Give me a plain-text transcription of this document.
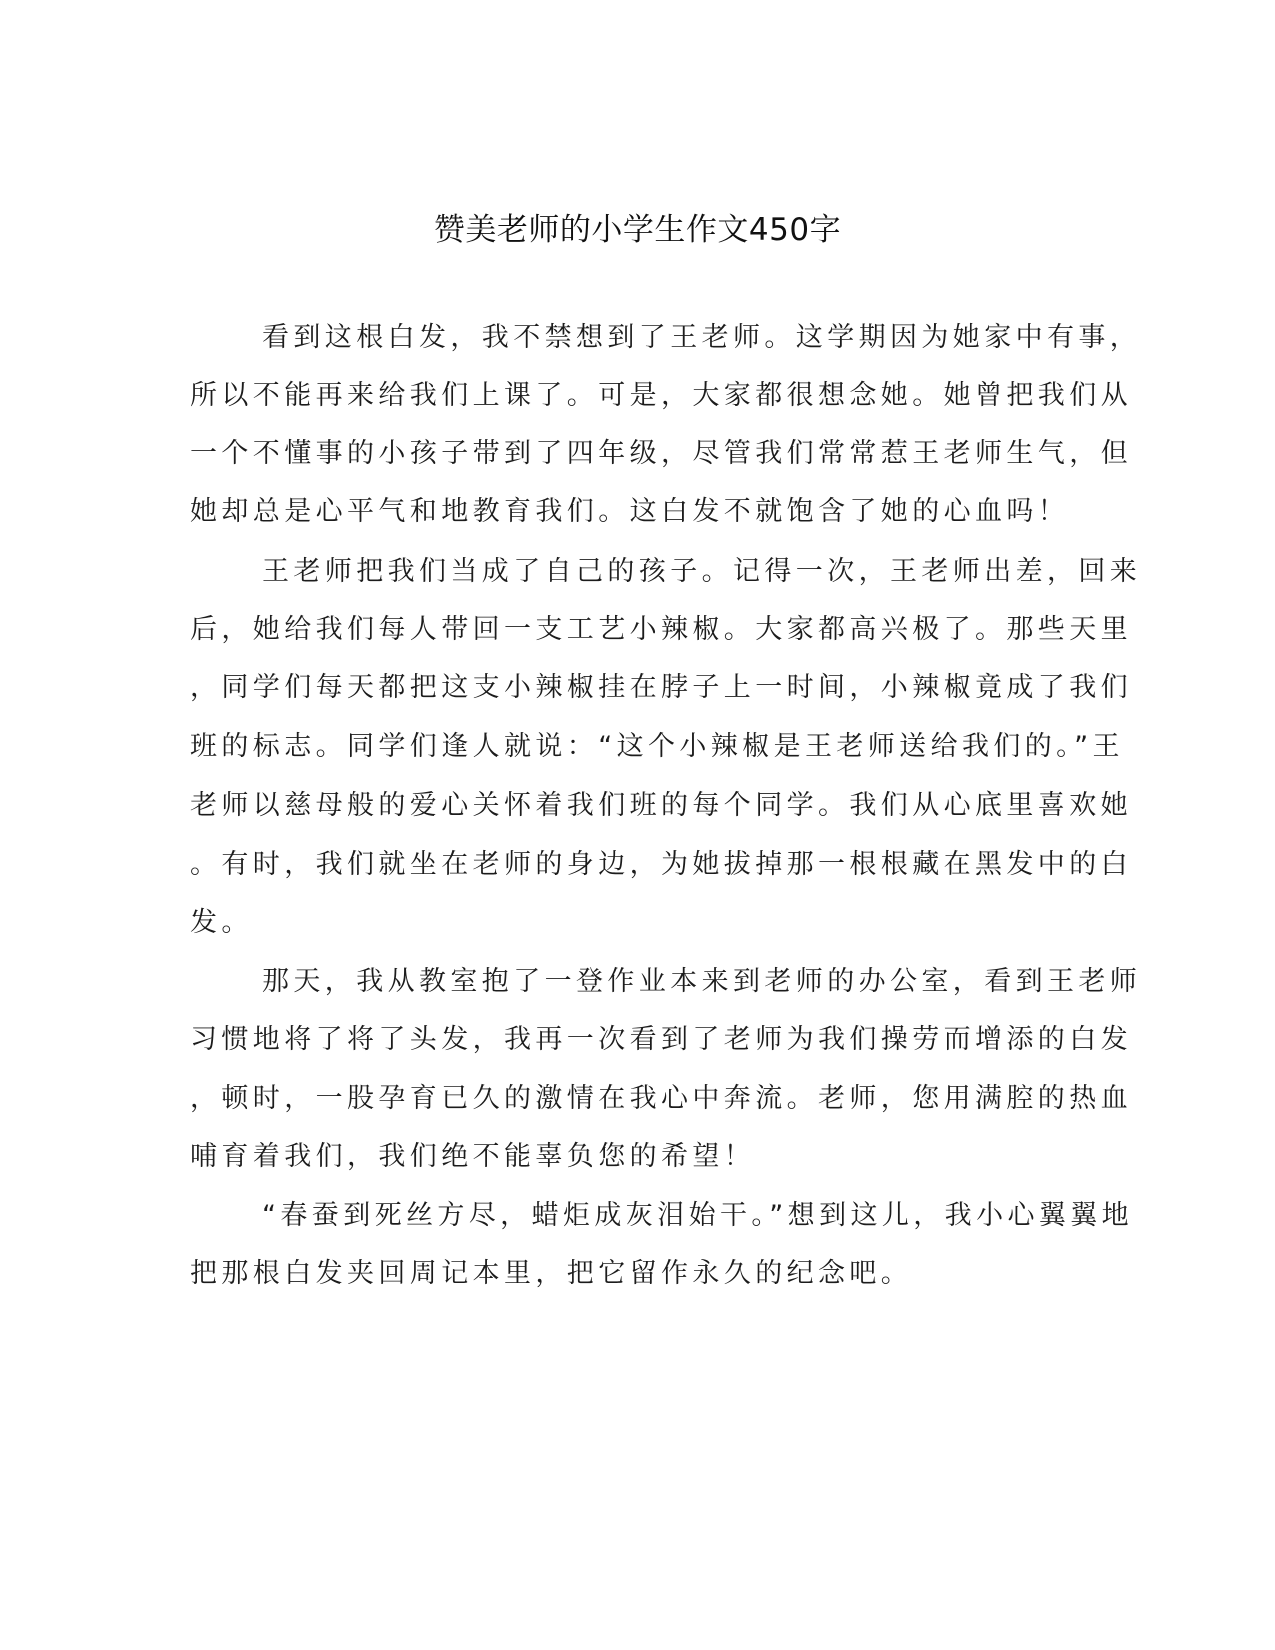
赞美老师的小学生作文450字
看到这根白发，我不禁想到了王老师。这学期因为她家中有事，
所以不能再来给我们上课了。可是，大家都很想念她。她曾把我们从
一个不懂事的小孩子带到了四年级，尽管我们常常惹王老师生气，但
她却总是心平气和地教育我们。这白发不就饱含了她的心血吗！
王老师把我们当成了自己的孩子。记得一次，王老师出差，回来
后，她给我们每人带回一支工艺小辣椒。大家都高兴极了。那些天里
，同学们每天都把这支小辣椒挂在脖子上一时间，小辣椒竟成了我们
班的标志。同学们逢人就说：“这个小辣椒是王老师送给我们的。”王
老师以慈母般的爱心关怀着我们班的每个同学。我们从心底里喜欢她
。有时，我们就坐在老师的身边，为她拔掉那一根根藏在黑发中的白
发。
那天，我从教室抱了一登作业本来到老师的办公室，看到王老师
习惯地将了将了头发，我再一次看到了老师为我们操劳而增添的白发
，顿时，一股孕育已久的激情在我心中奔流。老师，您用满腔的热血
哺育着我们，我们绝不能辜负您的希望！
“春蚕到死丝方尽，蜡炬成灰泪始干。”想到这儿，我小心翼翼地
把那根白发夹回周记本里，把它留作永久的纪念吧。
